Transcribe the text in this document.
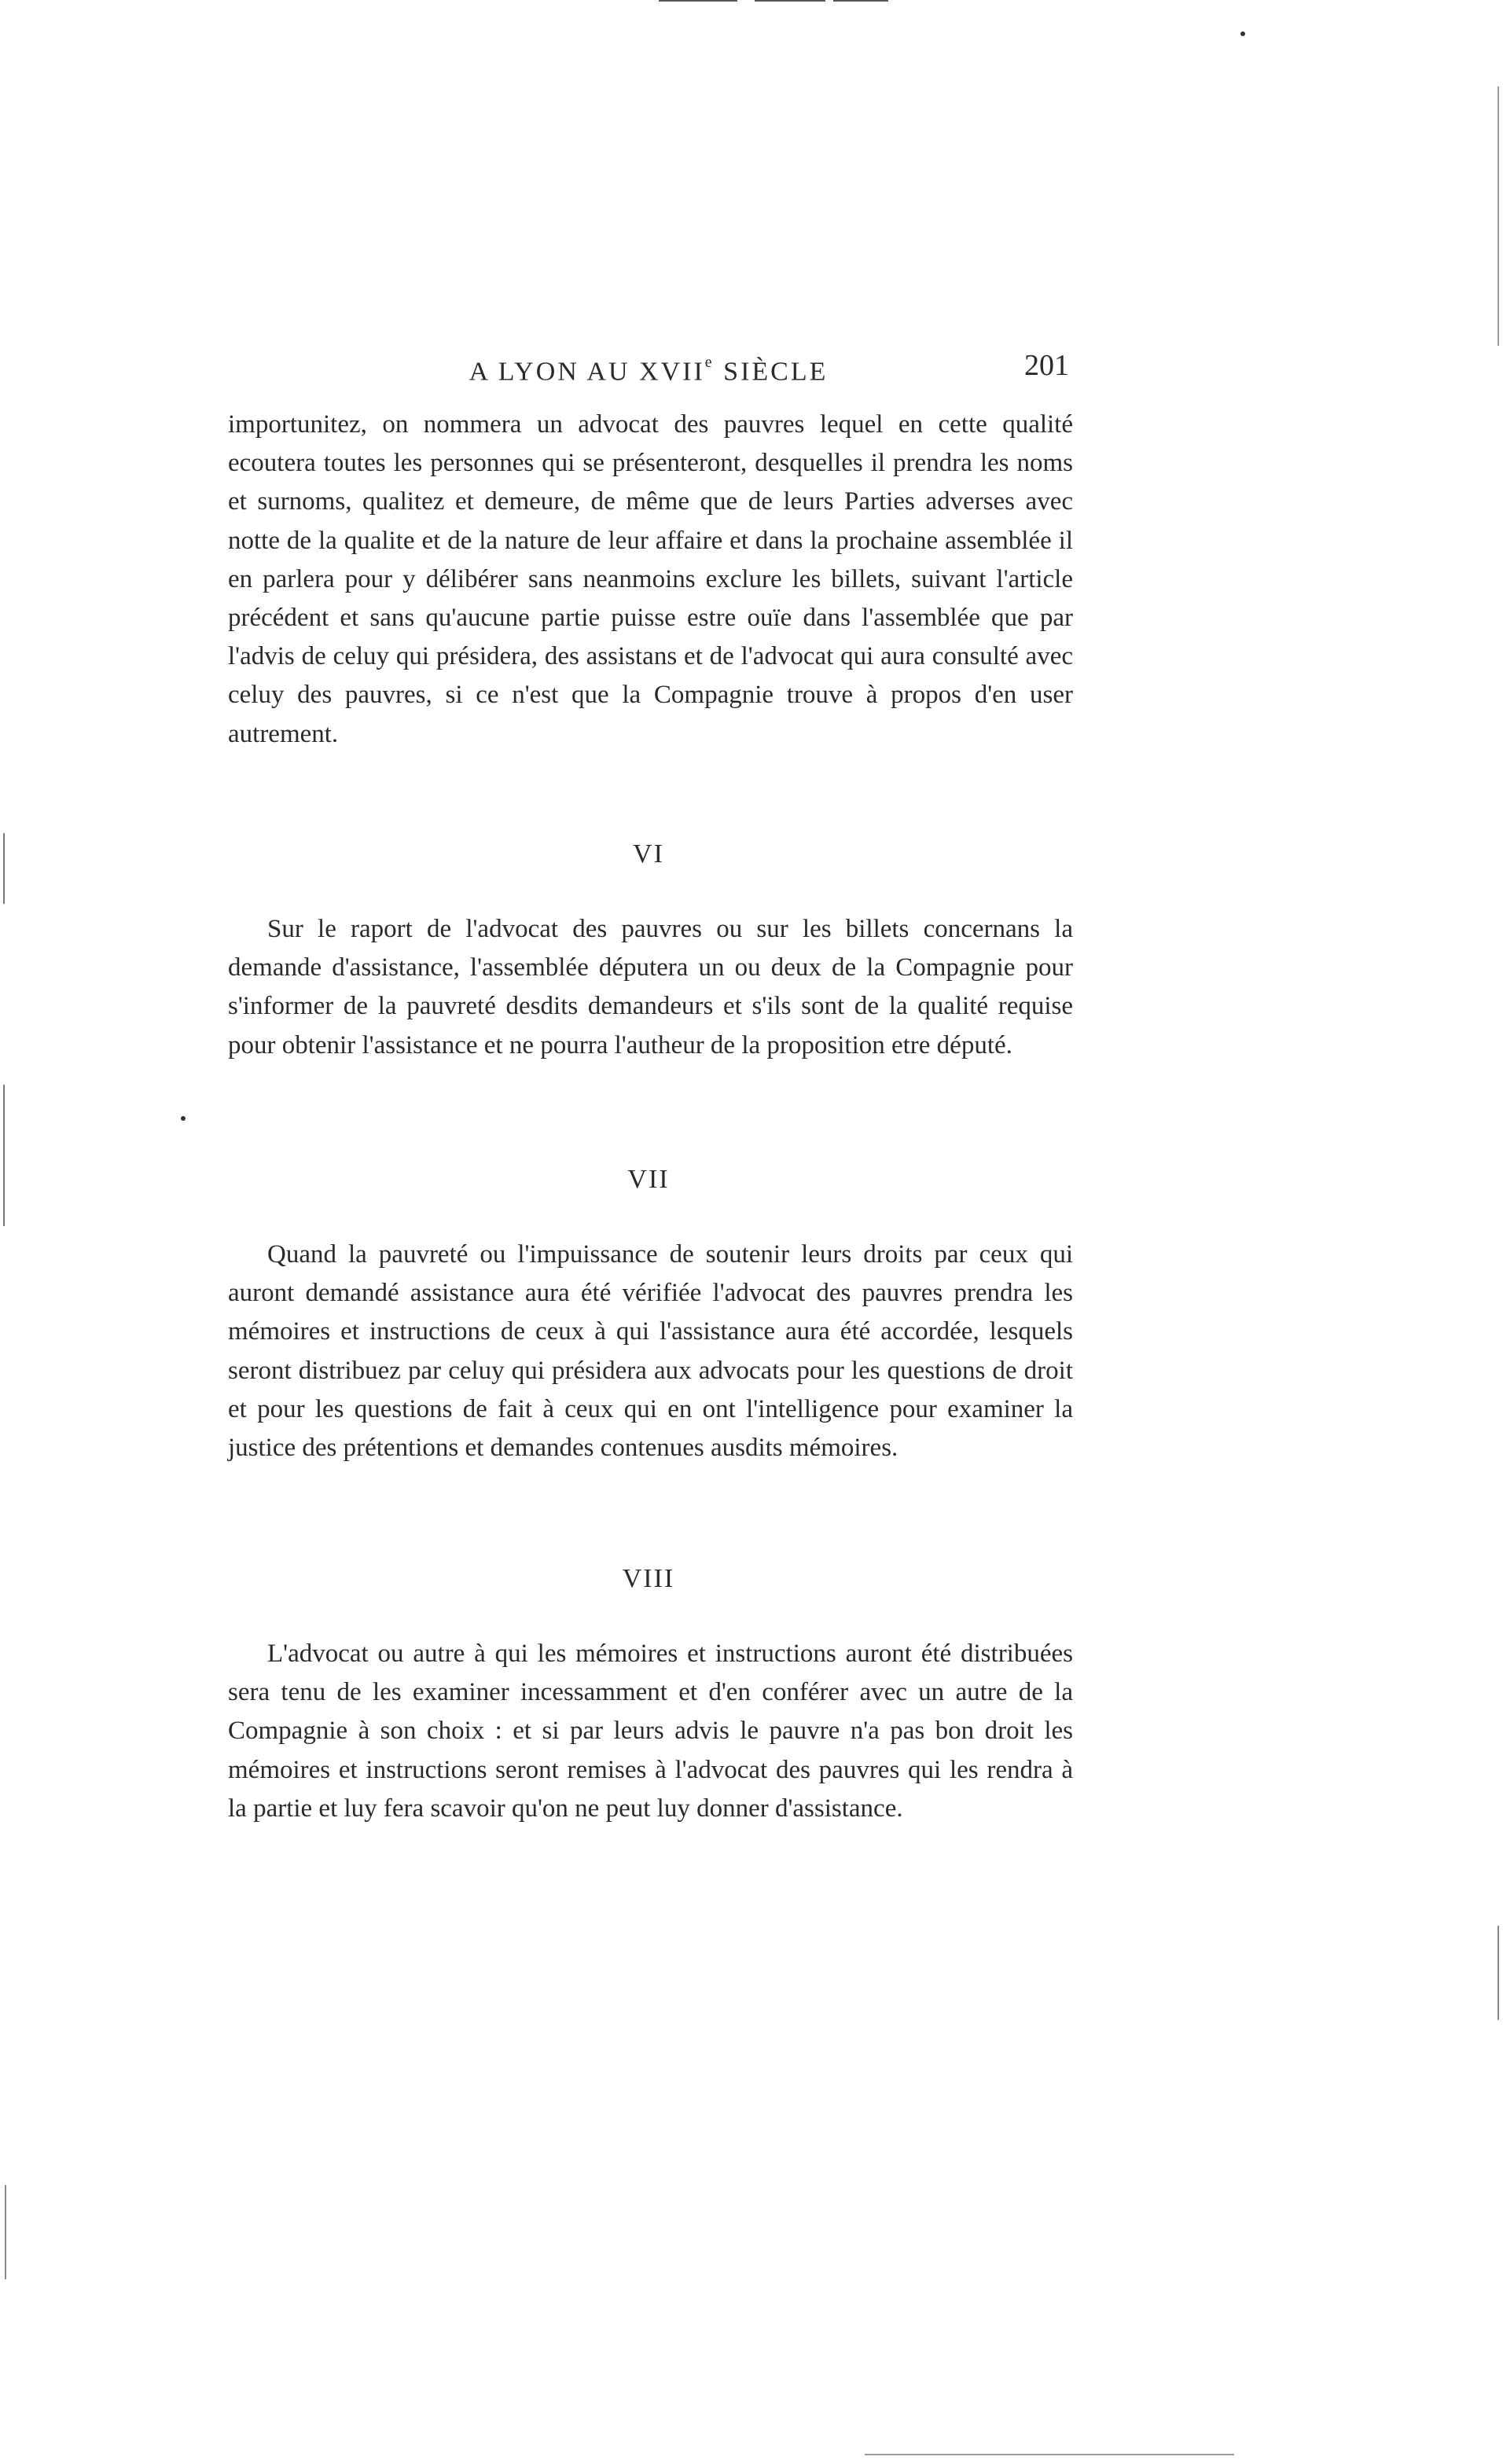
A LYON AU XVIIe SIÈCLE	201

importunitez, on nommera un advocat des pauvres lequel en cette qualité ecoutera toutes les personnes qui se présenteront, desquelles il prendra les noms et surnoms, qualitez et demeure, de même que de leurs Parties adverses avec notte de la qualite et de la nature de leur affaire et dans la prochaine assemblée il en parlera pour y délibérer sans neanmoins exclure les billets, suivant l'article précédent et sans qu'aucune partie puisse estre ouïe dans l'assemblée que par l'advis de celuy qui présidera, des assistans et de l'advocat qui aura consulté avec celuy des pauvres, si ce n'est que la Compagnie trouve à propos d'en user autrement.

VI

Sur le raport de l'advocat des pauvres ou sur les billets concernans la demande d'assistance, l'assemblée députera un ou deux de la Compagnie pour s'informer de la pauvreté desdits demandeurs et s'ils sont de la qualité requise pour obtenir l'assistance et ne pourra l'autheur de la proposition etre député.

VII

Quand la pauvreté ou l'impuissance de soutenir leurs droits par ceux qui auront demandé assistance aura été vérifiée l'advocat des pauvres prendra les mémoires et instructions de ceux à qui l'assistance aura été accordée, lesquels seront distribuez par celuy qui présidera aux advocats pour les questions de droit et pour les questions de fait à ceux qui en ont l'intelligence pour examiner la justice des prétentions et demandes contenues ausdits mémoires.

VIII

L'advocat ou autre à qui les mémoires et instructions auront été distribuées sera tenu de les examiner incessamment et d'en conférer avec un autre de la Compagnie à son choix : et si par leurs advis le pauvre n'a pas bon droit les mémoires et instructions seront remises à l'advocat des pauvres qui les rendra à la partie et luy fera scavoir qu'on ne peut luy donner d'assistance.
